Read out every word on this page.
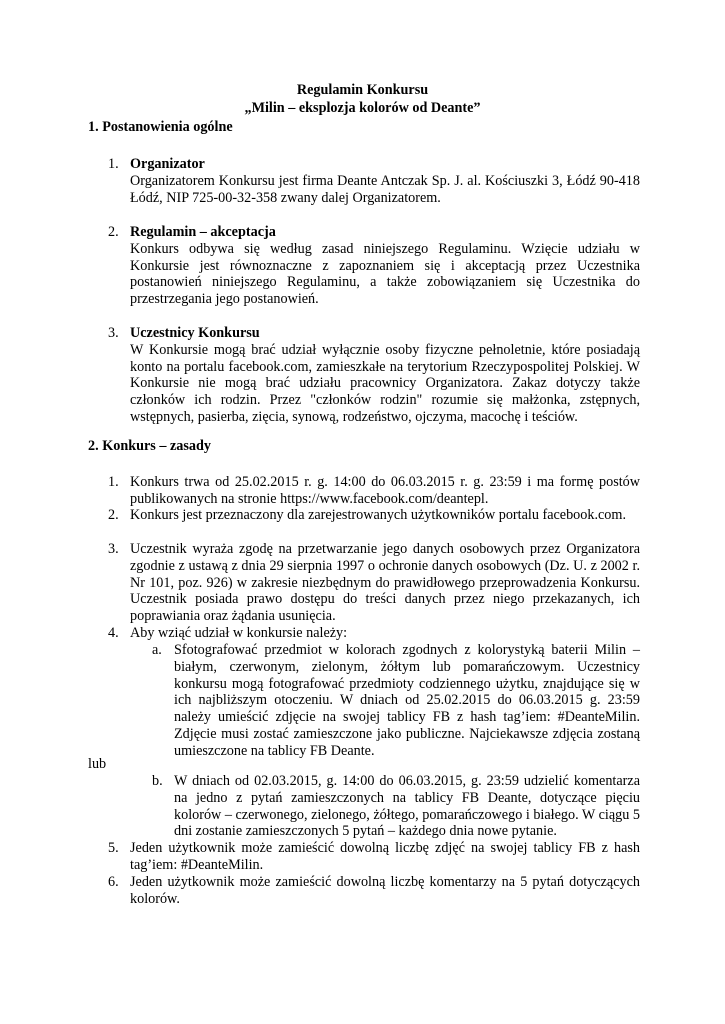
Regulamin Konkursu
„Milin – eksplozja kolorów od Deante”
1. Postanowienia ogólne
1. Organizator
Organizatorem Konkursu jest firma Deante Antczak Sp. J. al. Kościuszki 3, Łódź 90-418 Łódź, NIP 725-00-32-358 zwany dalej Organizatorem.
2. Regulamin – akceptacja
Konkurs odbywa się według zasad niniejszego Regulaminu. Wzięcie udziału w Konkursie jest równoznaczne z zapoznaniem się i akceptacją przez Uczestnika postanowień niniejszego Regulaminu, a także zobowiązaniem się Uczestnika do przestrzegania jego postanowień.
3. Uczestnicy Konkursu
W Konkursie mogą brać udział wyłącznie osoby fizyczne pełnoletnie, które posiadają konto na portalu facebook.com, zamieszkałe na terytorium Rzeczypospolitej Polskiej. W Konkursie nie mogą brać udziału pracownicy Organizatora. Zakaz dotyczy także członków ich rodzin. Przez "członków rodzin" rozumie się małżonka, zstępnych, wstępnych, pasierba, zięcia, synową, rodzeństwo, ojczyma, macochę i teściów.
2. Konkurs – zasady
1. Konkurs trwa od 25.02.2015 r. g. 14:00 do 06.03.2015 r. g. 23:59 i ma formę postów publikowanych na stronie https://www.facebook.com/deantepl.
2. Konkurs jest przeznaczony dla zarejestrowanych użytkowników portalu facebook.com.
3. Uczestnik wyraża zgodę na przetwarzanie jego danych osobowych przez Organizatora zgodnie z ustawą z dnia 29 sierpnia 1997 o ochronie danych osobowych (Dz. U. z 2002 r. Nr 101, poz. 926) w zakresie niezbędnym do prawidłowego przeprowadzenia Konkursu. Uczestnik posiada prawo dostępu do treści danych przez niego przekazanych, ich poprawiania oraz żądania usunięcia.
4. Aby wziąć udział w konkursie należy:
a. Sfotografować przedmiot w kolorach zgodnych z kolorystyką baterii Milin – białym, czerwonym, zielonym, żółtym lub pomarańczowym. Uczestnicy konkursu mogą fotografować przedmioty codziennego użytku, znajdujące się w ich najbliższym otoczeniu. W dniach od 25.02.2015 do 06.03.2015 g. 23:59 należy umieścić zdjęcie na swojej tablicy FB z hash tag’iem: #DeanteMilin. Zdjęcie musi zostać zamieszczone jako publiczne. Najciekawsze zdjęcia zostaną umieszczone na tablicy FB Deante.
lub
b. W dniach od 02.03.2015, g. 14:00 do 06.03.2015, g. 23:59 udzielić komentarza na jedno z pytań zamieszczonych na tablicy FB Deante, dotyczące pięciu kolorów – czerwonego, zielonego, żółtego, pomarańczowego i białego. W ciągu 5 dni zostanie zamieszczonych 5 pytań – każdego dnia nowe pytanie.
5. Jeden użytkownik może zamieścić dowolną liczbę zdjęć na swojej tablicy FB z hash tag’iem: #DeanteMilin.
6. Jeden użytkownik może zamieścić dowolną liczbę komentarzy na 5 pytań dotyczących kolorów.
